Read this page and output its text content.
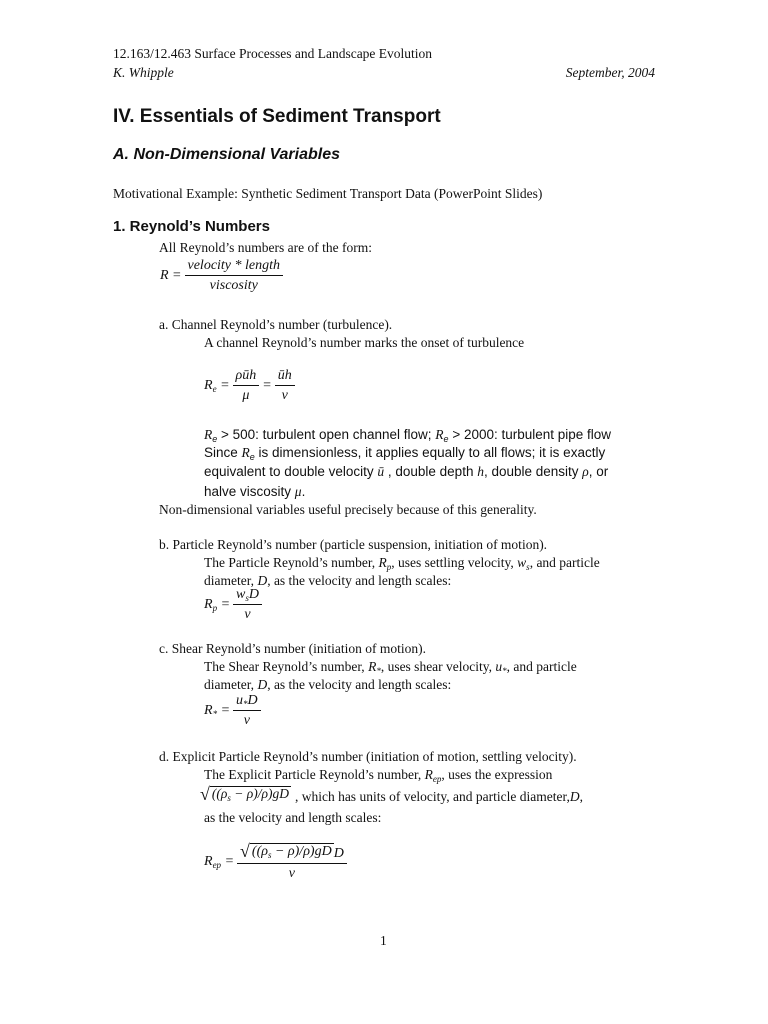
12.163/12.463 Surface Processes and Landscape Evolution
K. Whipple	September, 2004
IV. Essentials of Sediment Transport
A. Non-Dimensional Variables
Motivational Example: Synthetic Sediment Transport Data (PowerPoint Slides)
1. Reynold’s Numbers
All Reynold’s numbers are of the form:
$R = \frac{\text{velocity * length}}{\text{viscosity}}$
a. Channel Reynold’s number (turbulence).
A channel Reynold’s number marks the onset of turbulence
$R_e = \frac{\text{ρūh}}{\mu} = \frac{ūh}{\nu}$
$R_e > 500$: turbulent open channel flow; $R_e > 2000$: turbulent pipe flow
Since $R_e$ is dimensionless, it applies equally to all flows; it is exactly
equivalent to double velocity ū , double depth h, double density ρ, or
halve viscosity μ.
Non-dimensional variables useful precisely because of this generality.
b. Particle Reynold’s number (particle suspension, initiation of motion).
The Particle Reynold’s number, $R_p$, uses settling velocity, $w_s$, and particle
diameter, D, as the velocity and length scales:
$R_p = \frac{w_sD}{\nu}$
c. Shear Reynold’s number (initiation of motion).
The Shear Reynold’s number, $R_*$, uses shear velocity, $u_*$, and particle
diameter, D, as the velocity and length scales:
$R_* = \frac{u_*D}{\nu}$
d. Explicit Particle Reynold’s number (initiation of motion, settling velocity).
The Explicit Particle Reynold’s number, $R_{ep}$, uses the expression
√ $((\rho_s - \rho)/\rho)gD$ , which has units of velocity, and particle diameter, D ,
as the velocity and length scales:
$R_{ep} = \frac{√ ((\rho_s - \rho)/\rho)gD D}{\nu}$
1
